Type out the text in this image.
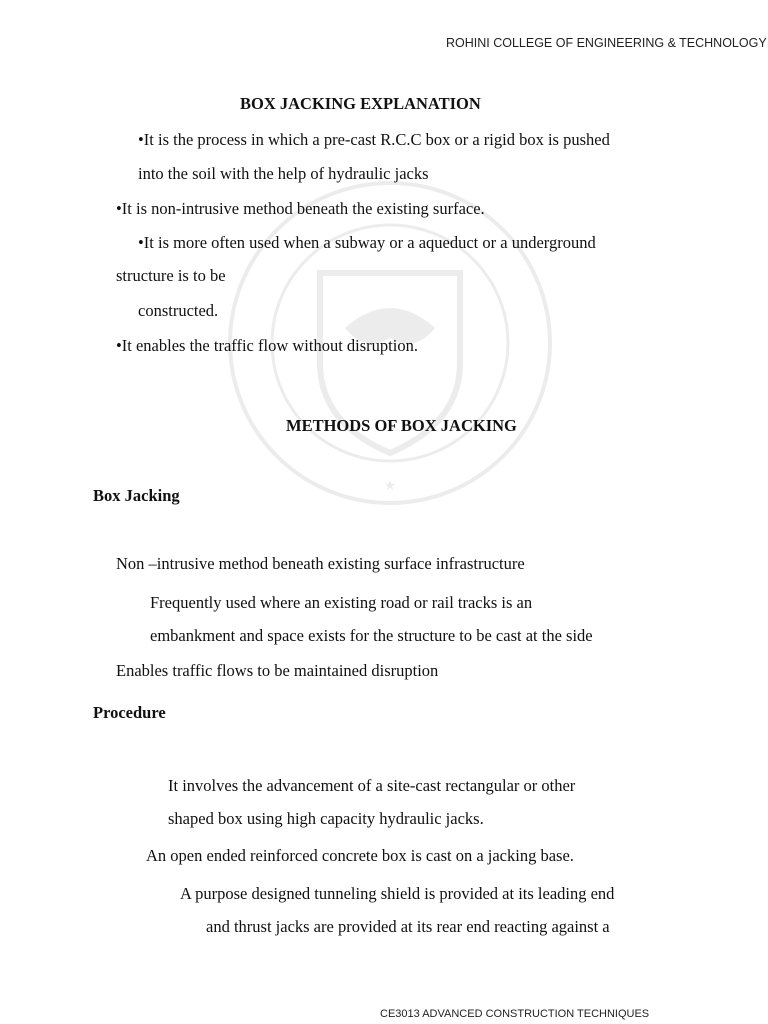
★
ROHINI COLLEGE OF ENGINEERING & TECHNOLOGY
BOX JACKING EXPLANATION
•It is the process in which a pre-cast R.C.C box or a rigid box is pushed
into the soil with the help of hydraulic jacks
•It is non-intrusive method beneath the existing surface.
•It is more often used when a subway or a aqueduct or a underground
structure is to be
constructed.
•It enables the traffic flow without disruption.
METHODS OF BOX JACKING
Box Jacking
Non –intrusive method beneath existing surface infrastructure
Frequently used where an existing road or rail tracks is an
embankment and space exists for the structure to be cast at the side
Enables traffic flows to be maintained disruption
Procedure
It involves the advancement of a site-cast rectangular or other
shaped box using high capacity hydraulic jacks.
An open ended reinforced concrete box is cast on a jacking base.
A purpose designed tunneling shield is provided at its leading end
and thrust jacks are provided at its rear end reacting against a
CE3013 ADVANCED CONSTRUCTION TECHNIQUES
